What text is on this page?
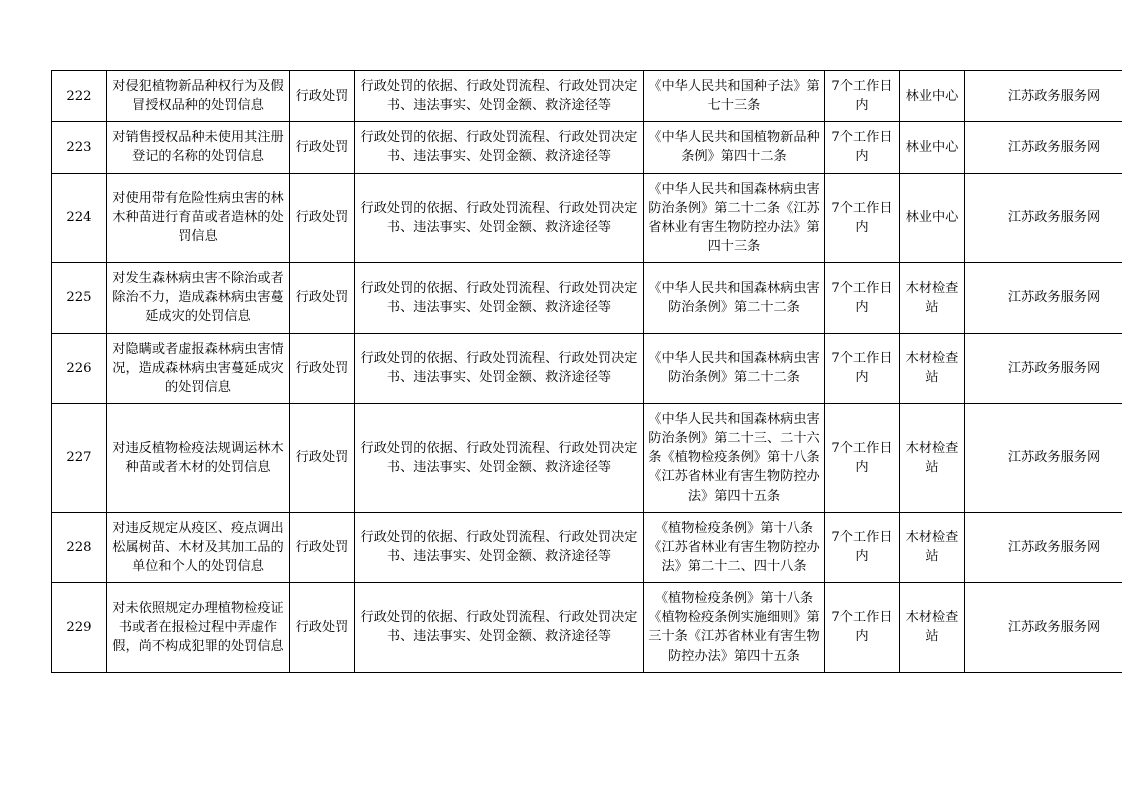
222	对侵犯植物新品种权行为及假冒授权品种的处罚信息	行政处罚	行政处罚的依据、行政处罚流程、行政处罚决定书、违法事实、处罚金额、救济途径等	《中华人民共和国种子法》第七十三条	7个工作日内	林业中心	江苏政务服务网
223	对销售授权品种未使用其注册登记的名称的处罚信息	行政处罚	行政处罚的依据、行政处罚流程、行政处罚决定书、违法事实、处罚金额、救济途径等	《中华人民共和国植物新品种条例》第四十二条	7个工作日内	林业中心	江苏政务服务网
224	对使用带有危险性病虫害的林木种苗进行育苗或者造林的处罚信息	行政处罚	行政处罚的依据、行政处罚流程、行政处罚决定书、违法事实、处罚金额、救济途径等	《中华人民共和国森林病虫害防治条例》第二十二条《江苏省林业有害生物防控办法》第四十三条	7个工作日内	林业中心	江苏政务服务网
225	对发生森林病虫害不除治或者除治不力，造成森林病虫害蔓延成灾的处罚信息	行政处罚	行政处罚的依据、行政处罚流程、行政处罚决定书、违法事实、处罚金额、救济途径等	《中华人民共和国森林病虫害防治条例》第二十二条	7个工作日内	木材检查站	江苏政务服务网
226	对隐瞒或者虚报森林病虫害情况，造成森林病虫害蔓延成灾的处罚信息	行政处罚	行政处罚的依据、行政处罚流程、行政处罚决定书、违法事实、处罚金额、救济途径等	《中华人民共和国森林病虫害防治条例》第二十二条	7个工作日内	木材检查站	江苏政务服务网
227	对违反植物检疫法规调运林木种苗或者木材的处罚信息	行政处罚	行政处罚的依据、行政处罚流程、行政处罚决定书、违法事实、处罚金额、救济途径等	《中华人民共和国森林病虫害防治条例》第二十三、二十六条《植物检疫条例》第十八条《江苏省林业有害生物防控办法》第四十五条	7个工作日内	木材检查站	江苏政务服务网
228	对违反规定从疫区、疫点调出松属树苗、木材及其加工品的单位和个人的处罚信息	行政处罚	行政处罚的依据、行政处罚流程、行政处罚决定书、违法事实、处罚金额、救济途径等	《植物检疫条例》第十八条《江苏省林业有害生物防控办法》第二十二、四十八条	7个工作日内	木材检查站	江苏政务服务网
229	对未依照规定办理植物检疫证书或者在报检过程中弄虚作假，尚不构成犯罪的处罚信息	行政处罚	行政处罚的依据、行政处罚流程、行政处罚决定书、违法事实、处罚金额、救济途径等	《植物检疫条例》第十八条《植物检疫条例实施细则》第三十条《江苏省林业有害生物防控办法》第四十五条	7个工作日内	木材检查站	江苏政务服务网
